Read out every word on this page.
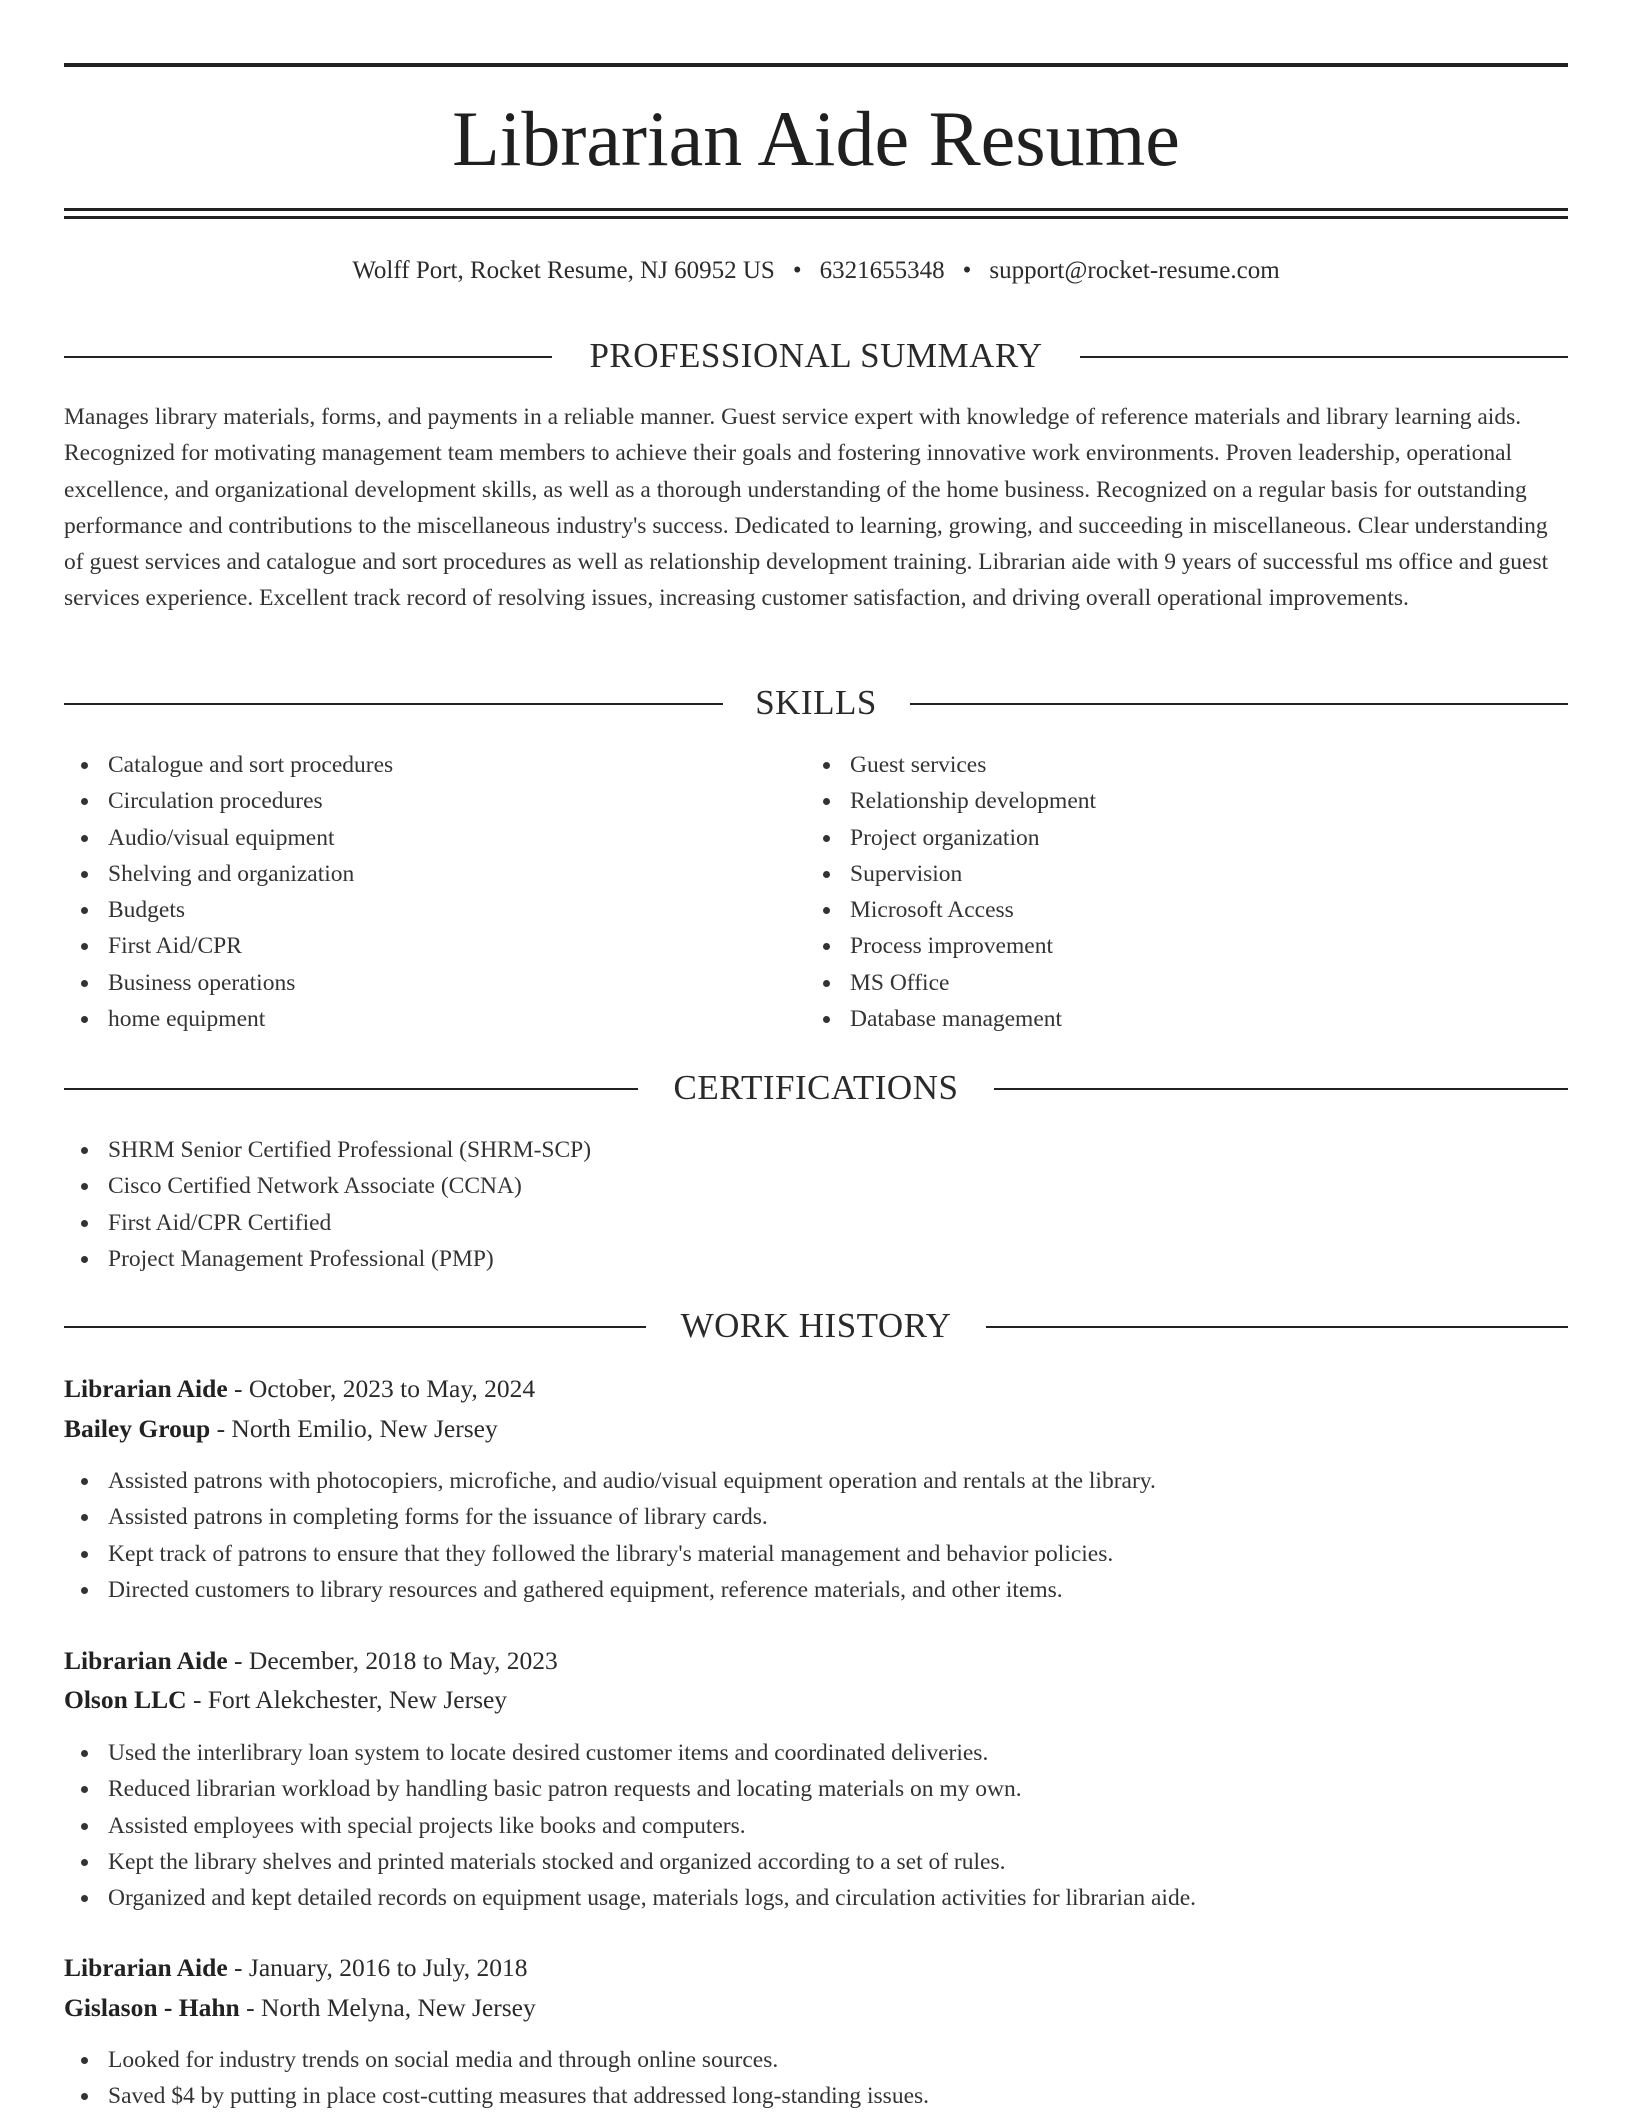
Librarian Aide Resume
Wolff Port, Rocket Resume, NJ 60952 US • 6321655348 • support@rocket-resume.com
PROFESSIONAL SUMMARY
Manages library materials, forms, and payments in a reliable manner. Guest service expert with knowledge of reference materials and library learning aids. Recognized for motivating management team members to achieve their goals and fostering innovative work environments. Proven leadership, operational excellence, and organizational development skills, as well as a thorough understanding of the home business. Recognized on a regular basis for outstanding performance and contributions to the miscellaneous industry's success. Dedicated to learning, growing, and succeeding in miscellaneous. Clear understanding of guest services and catalogue and sort procedures as well as relationship development training. Librarian aide with 9 years of successful ms office and guest services experience. Excellent track record of resolving issues, increasing customer satisfaction, and driving overall operational improvements.
SKILLS
Catalogue and sort procedures
Circulation procedures
Audio/visual equipment
Shelving and organization
Budgets
First Aid/CPR
Business operations
home equipment
Guest services
Relationship development
Project organization
Supervision
Microsoft Access
Process improvement
MS Office
Database management
CERTIFICATIONS
SHRM Senior Certified Professional (SHRM-SCP)
Cisco Certified Network Associate (CCNA)
First Aid/CPR Certified
Project Management Professional (PMP)
WORK HISTORY
Librarian Aide - October, 2023 to May, 2024
Bailey Group - North Emilio, New Jersey
Assisted patrons with photocopiers, microfiche, and audio/visual equipment operation and rentals at the library.
Assisted patrons in completing forms for the issuance of library cards.
Kept track of patrons to ensure that they followed the library's material management and behavior policies.
Directed customers to library resources and gathered equipment, reference materials, and other items.
Librarian Aide - December, 2018 to May, 2023
Olson LLC - Fort Alekchester, New Jersey
Used the interlibrary loan system to locate desired customer items and coordinated deliveries.
Reduced librarian workload by handling basic patron requests and locating materials on my own.
Assisted employees with special projects like books and computers.
Kept the library shelves and printed materials stocked and organized according to a set of rules.
Organized and kept detailed records on equipment usage, materials logs, and circulation activities for librarian aide.
Librarian Aide - January, 2016 to July, 2018
Gislason - Hahn - North Melyna, New Jersey
Looked for industry trends on social media and through online sources.
Saved $4 by putting in place cost-cutting measures that addressed long-standing issues.
